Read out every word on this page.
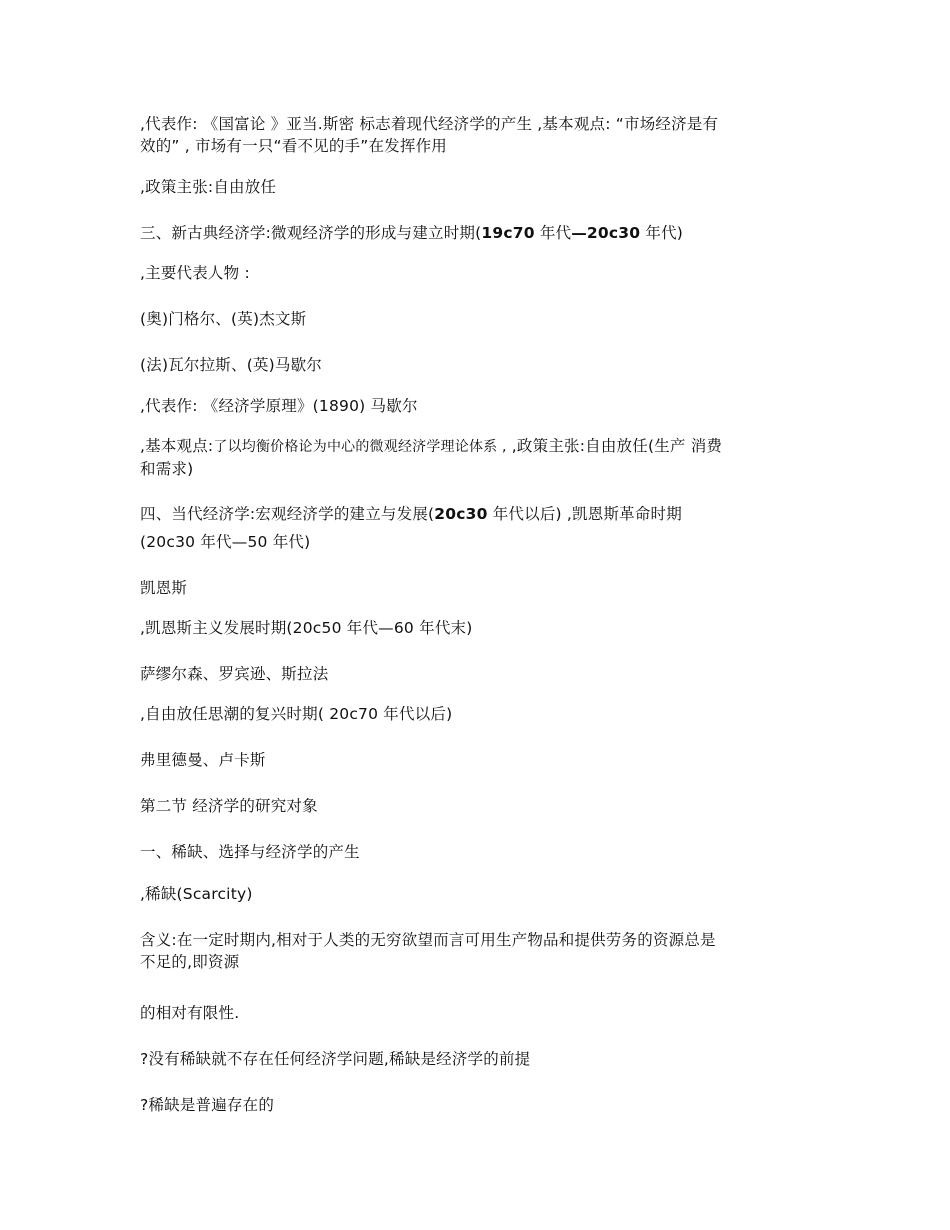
,代表作: 《国富论 》亚当.斯密 标志着现代经济学的产生 ,基本观点: “市场经济是有
效的” , 市场有一只“看不见的手”在发挥作用
,政策主张:自由放任
三、新古典经济学:微观经济学的形成与建立时期(19c70 年代—20c30 年代)
,主要代表人物 :
(奥)门格尔、(英)杰文斯
(法)瓦尔拉斯、(英)马歇尔
,代表作: 《经济学原理》(1890) 马歇尔
,基本观点:了以均衡价格论为中心的微观经济学理论体系 , ,政策主张:自由放任(生产 消费
和需求)
四、当代经济学:宏观经济学的建立与发展(20c30 年代以后) ,凯恩斯革命时期
(20c30 年代—50 年代)
凯恩斯
,凯恩斯主义发展时期(20c50 年代—60 年代末)
萨缪尔森、罗宾逊、斯拉法
,自由放任思潮的复兴时期( 20c70 年代以后)
弗里德曼、卢卡斯
第二节 经济学的研究对象
一、稀缺、选择与经济学的产生
,稀缺(Scarcity)
含义:在一定时期内,相对于人类的无穷欲望而言可用生产物品和提供劳务的资源总是
不足的,即资源
的相对有限性.
?没有稀缺就不存在任何经济学问题,稀缺是经济学的前提
?稀缺是普遍存在的
